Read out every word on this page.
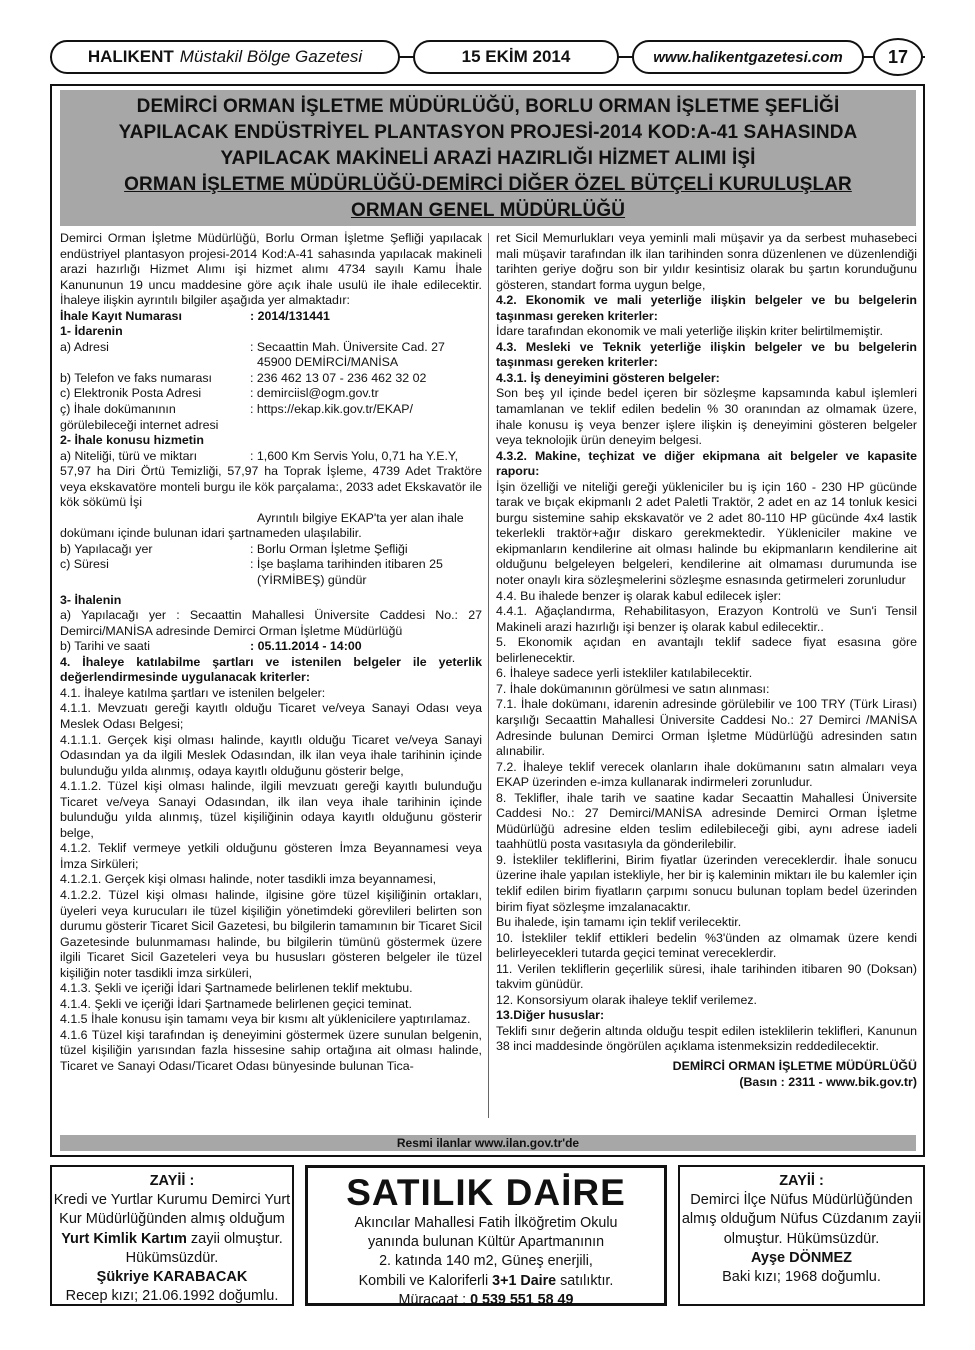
HALIKENT Müstakil Bölge Gazetesi	15 EKİM 2014	www.halikentgazetesi.com	17
DEMİRCİ ORMAN İŞLETME MÜDÜRLÜĞÜ, BORLU ORMAN İŞLETME ŞEFLİĞİ
YAPILACAK ENDÜSTRİYEL PLANTASYON PROJESİ-2014 KOD:A-41 SAHASINDA
YAPILACAK MAKİNELİ ARAZİ HAZIRLIĞI HİZMET ALIMI İŞİ
ORMAN İŞLETME MÜDÜRLÜĞÜ-DEMİRCİ DİĞER ÖZEL BÜTÇELİ KURULUŞLAR
ORMAN GENEL MÜDÜRLÜĞÜ

Demirci Orman İşletme Müdürlüğü, Borlu Orman İşletme Şefliği yapılacak endüstriyel plantasyon projesi-2014 Kod:A-41 sahasında yapılacak makineli arazi hazırlığı Hizmet Alımı işi hizmet alımı 4734 sayılı Kamu İhale Kanununun 19 uncu maddesine göre açık ihale usulü ile ihale edilecektir. İhaleye ilişkin ayrıntılı bilgiler aşağıda yer almaktadır:

İhale Kayıt Numarası	: 2014/131441
1- İdarenin
a) Adresi	: Secaattin Mah. Üniversite Cad. 27
45900 DEMİRCİ/MANİSA
b) Telefon ve faks numarası	: 236 462 13 07 - 236 462 32 02
c) Elektronik Posta Adresi	: demirciisl@ogm.gov.tr
ç) İhale dokümanının	: https://ekap.kik.gov.tr/EKAP/
görülebileceği internet adresi
2- İhale konusu hizmetin
a) Niteliği, türü ve miktarı	: 1,600 Km Servis Yolu, 0,71 ha Y.E.Y,

57,97 ha Diri Örtü Temizliği, 57,97 ha Toprak İşleme, 4739 Adet Traktöre veya ekskavatöre monteli burgu ile kök parçalama:, 2033 adet Ekskavatör ile kök sökümü İşi

Ayrıntılı bilgiye EKAP'ta yer alan ihale
dokümanı içinde bulunan idari şartnameden ulaşılabilir.
b) Yapılacağı yer	: Borlu Orman İşletme Şefliği
c) Süresi	: İşe başlama tarihinden itibaren 25
(YİRMİBEŞ) gündür
3- İhalenin

a) Yapılacağı yer : Secaattin Mahallesi Üniversite Caddesi No.: 27 Demirci/MANİSA adresinde Demirci Orman İşletme Müdürlüğü

b) Tarihi ve saati	: 05.11.2014 - 14:00

4. İhaleye katılabilme şartları ve istenilen belgeler ile yeterlik değerlendirmesinde uygulanacak kriterler:

4.1. İhaleye katılma şartları ve istenilen belgeler:

4.1.1. Mevzuatı gereği kayıtlı olduğu Ticaret ve/veya Sanayi Odası veya Meslek Odası Belgesi;

4.1.1.1. Gerçek kişi olması halinde, kayıtlı olduğu Ticaret ve/veya Sanayi Odasından ya da ilgili Meslek Odasından, ilk ilan veya ihale tarihinin içinde bulunduğu yılda alınmış, odaya kayıtlı olduğunu gösterir belge,

4.1.1.2. Tüzel kişi olması halinde, ilgili mevzuatı gereği kayıtlı bulunduğu Ticaret ve/veya Sanayi Odasından, ilk ilan veya ihale tarihinin içinde bulunduğu yılda alınmış, tüzel kişiliğinin odaya kayıtlı olduğunu gösterir belge,

4.1.2. Teklif vermeye yetkili olduğunu gösteren İmza Beyannamesi veya İmza Sirküleri;

4.1.2.1. Gerçek kişi olması halinde, noter tasdikli imza beyannamesi,

4.1.2.2. Tüzel kişi olması halinde, ilgisine göre tüzel kişiliğinin ortakları, üyeleri veya kurucuları ile tüzel kişiliğin yönetimdeki görevlileri belirten son durumu gösterir Ticaret Sicil Gazetesi, bu bilgilerin tamamının bir Ticaret Sicil Gazetesinde bulunmaması halinde, bu bilgilerin tümünü göstermek üzere ilgili Ticaret Sicil Gazeteleri veya bu hususları gösteren belgeler ile tüzel kişiliğin noter tasdikli imza sirküleri,

4.1.3. Şekli ve içeriği İdari Şartnamede belirlenen teklif mektubu.

4.1.4. Şekli ve içeriği İdari Şartnamede belirlenen geçici teminat.

4.1.5 İhale konusu işin tamamı veya bir kısmı alt yüklenicilere yaptırılamaz.

4.1.6 Tüzel kişi tarafından iş deneyimini göstermek üzere sunulan belgenin, tüzel kişiliğin yarısından fazla hissesine sahip ortağına ait olması halinde, Ticaret ve Sanayi Odası/Ticaret Odası bünyesinde bulunan Tica-

ret Sicil Memurlukları veya yeminli mali müşavir ya da serbest muhasebeci mali müşavir tarafından ilk ilan tarihinden sonra düzenlenen ve düzenlendiği tarihten geriye doğru son bir yıldır kesintisiz olarak bu şartın korunduğunu gösteren, standart forma uygun belge,

4.2. Ekonomik ve mali yeterliğe ilişkin belgeler ve bu belgelerin taşınması gereken kriterler:

İdare tarafından ekonomik ve mali yeterliğe ilişkin kriter belirtilmemiştir.

4.3. Mesleki ve Teknik yeterliğe ilişkin belgeler ve bu belgelerin taşınması gereken kriterler:

4.3.1. İş deneyimini gösteren belgeler:

Son beş yıl içinde bedel içeren bir sözleşme kapsamında kabul işlemleri tamamlanan ve teklif edilen bedelin % 30 oranından az olmamak üzere, ihale konusu iş veya benzer işlere ilişkin iş deneyimini gösteren belgeler veya teknolojik ürün deneyim belgesi.

4.3.2. Makine, teçhizat ve diğer ekipmana ait belgeler ve kapasite raporu:

İşin özelliği ve niteliği gereği yükleniciler bu iş için 160 - 230 HP gücünde tarak ve bıçak ekipmanlı 2 adet Paletli Traktör, 2 adet en az 14 tonluk kesici burgu sistemine sahip ekskavatör ve 2 adet 80-110 HP gücünde 4x4 lastik tekerlekli traktör+ağır diskaro gerekmektedir. Yükleniciler makine ve ekipmanların kendilerine ait olması halinde bu ekipmanların kendilerine ait olduğunu belgeleyen belgeleri, kendilerine ait olmaması durumunda ise noter onaylı kira sözleşmelerini sözleşme esnasında getirmeleri zorunludur

4.4. Bu ihalede benzer iş olarak kabul edilecek işler:

4.4.1. Ağaçlandırma, Rehabilitasyon, Erazyon Kontrolü ve Sun'i Tensil Makineli arazi hazırlığı işi benzer iş olarak kabul edilecektir..

5. Ekonomik açıdan en avantajlı teklif sadece fiyat esasına göre belirlenecektir.

6. İhaleye sadece yerli istekliler katılabilecektir.

7. İhale dokümanının görülmesi ve satın alınması:

7.1. İhale dokümanı, idarenin adresinde görülebilir ve 100 TRY (Türk Lirası) karşılığı Secaattin Mahallesi Üniversite Caddesi No.: 27 Demirci /MANİSA Adresinde bulunan Demirci Orman İşletme Müdürlüğü adresinden satın alınabilir.

7.2. İhaleye teklif verecek olanların ihale dokümanını satın almaları veya EKAP üzerinden e-imza kullanarak indirmeleri zorunludur.

8. Teklifler, ihale tarih ve saatine kadar Secaattin Mahallesi Üniversite Caddesi No.: 27 Demirci/MANİSA adresinde Demirci Orman İşletme Müdürlüğü adresine elden teslim edilebileceği gibi, aynı adrese iadeli taahhütlü posta vasıtasıyla da gönderilebilir.

9. İstekliler tekliflerini, Birim fiyatlar üzerinden vereceklerdir. İhale sonucu üzerine ihale yapılan istekliyle, her bir iş kaleminin miktarı ile bu kalemler için teklif edilen birim fiyatların çarpımı sonucu bulunan toplam bedel üzerinden birim fiyat sözleşme imzalanacaktır.

Bu ihalede, işin tamamı için teklif verilecektir.

10. İstekliler teklif ettikleri bedelin %3'ünden az olmamak üzere kendi belirleyecekleri tutarda geçici teminat vereceklerdir.

11. Verilen tekliflerin geçerlilik süresi, ihale tarihinden itibaren 90 (Doksan) takvim günüdür.

12. Konsorsiyum olarak ihaleye teklif verilemez.

13.Diğer hususlar:

Teklifi sınır değerin altında olduğu tespit edilen isteklilerin teklifleri, Kanunun 38 inci maddesinde öngörülen açıklama istenmeksizin reddedilecektir.

DEMİRCİ ORMAN İŞLETME MÜDÜRLÜĞÜ
(Basın : 2311 - www.bik.gov.tr)
Resmi ilanlar www.ilan.gov.tr'de
ZAYİİ :
Kredi ve Yurtlar Kurumu Demirci Yurt Kur Müdürlüğünden almış olduğum Yurt Kimlik Kartım zayii olmuştur. Hükümsüzdür.
Şükriye KARABACAK
Recep kızı; 21.06.1992 doğumlu.
SATILIK DAİRE
Akıncılar Mahallesi Fatih İlköğretim Okulu
yanında bulunan Kültür Apartmanının
2. katında 140 m2, Güneş enerjili,
Kombili ve Kaloriferli 3+1 Daire satılıktır.
Müracaat : 0 539 551 58 49
ZAYİİ :
Demirci İlçe Nüfus Müdürlüğünden almış olduğum Nüfus Cüzdanım zayii olmuştur. Hükümsüzdür.
Ayşe DÖNMEZ
Baki kızı; 1968 doğumlu.
